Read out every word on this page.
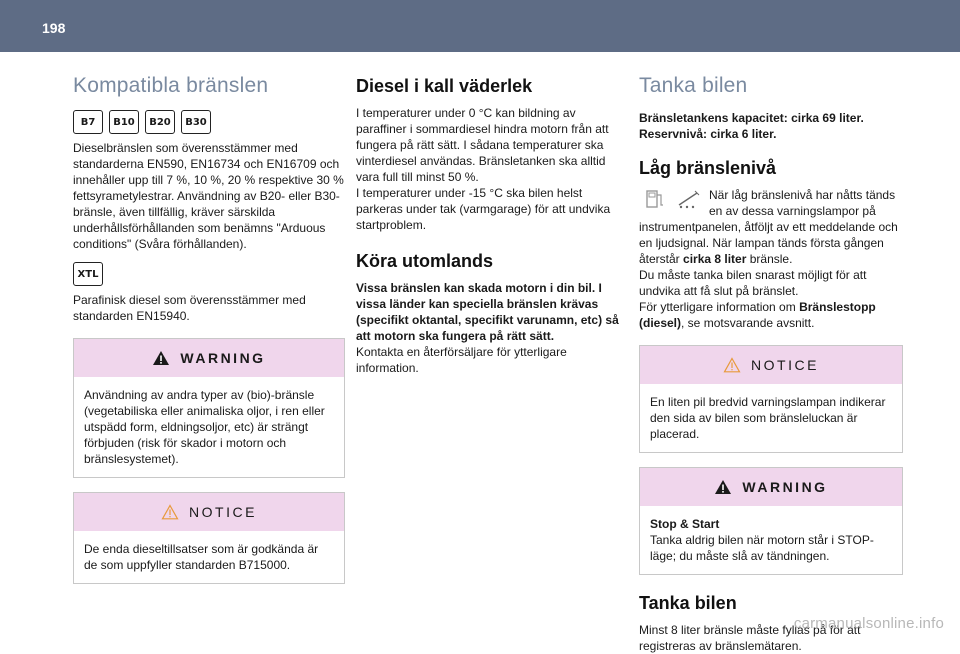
198
Kompatibla bränslen
B7	B10	B20	B30

Dieselbränslen som överensstämmer med standarderna EN590, EN16734 och EN16709 och innehåller upp till 7 %, 10 %, 20 % respektive 30 % fettsyrametylestrar. Användning av B20- eller B30-bränsle, även tillfällig, kräver särskilda underhållsförhållanden som benämns "Arduous conditions" (Svåra förhållanden).

XTL

Parafinisk diesel som överensstämmer med standarden EN15940.

WARNING

Användning av andra typer av (bio)-bränsle (vegetabiliska eller animaliska oljor, i ren eller utspädd form, eldningsoljor, etc) är strängt förbjuden (risk för skador i motorn och bränslesystemet).

NOTICE

De enda dieseltillsatser som är godkända är de som uppfyller standarden B715000.

Diesel i kall väderlek

I temperaturer under 0 °C kan bildning av paraffiner i sommardiesel hindra motorn från att fungera på rätt sätt. I sådana temperaturer ska vinterdiesel användas. Bränsletanken ska alltid vara full till minst 50 %.
I temperaturer under -15 °C ska bilen helst parkeras under tak (varmgarage) för att undvika startproblem.

Köra utomlands

Vissa bränslen kan skada motorn i din bil. I vissa länder kan speciella bränslen krävas (specifikt oktantal, specifikt varunamn, etc) så att motorn ska fungera på rätt sätt.

Kontakta en återförsäljare för ytterligare information.

Tanka bilen

Bränsletankens kapacitet: cirka 69 liter.

Reservnivå: cirka 6 liter.

Låg bränslenivå

När låg bränslenivå har nåtts tänds en av dessa varningslampor på instrumentpanelen, åtföljt av ett meddelande och en ljudsignal. När lampan tänds första gången återstår cirka 8 liter bränsle.

Du måste tanka bilen snarast möjligt för att undvika att få slut på bränslet.

För ytterligare information om Bränslestopp (diesel), se motsvarande avsnitt.

NOTICE

En liten pil bredvid varningslampan indikerar den sida av bilen som bränsleluckan är placerad.

WARNING

Stop & Start

Tanka aldrig bilen när motorn står i STOP-läge; du måste slå av tändningen.

Tanka bilen

Minst 8 liter bränsle måste fyllas på för att registreras av bränslemätaren.

carmanualsonline.info
